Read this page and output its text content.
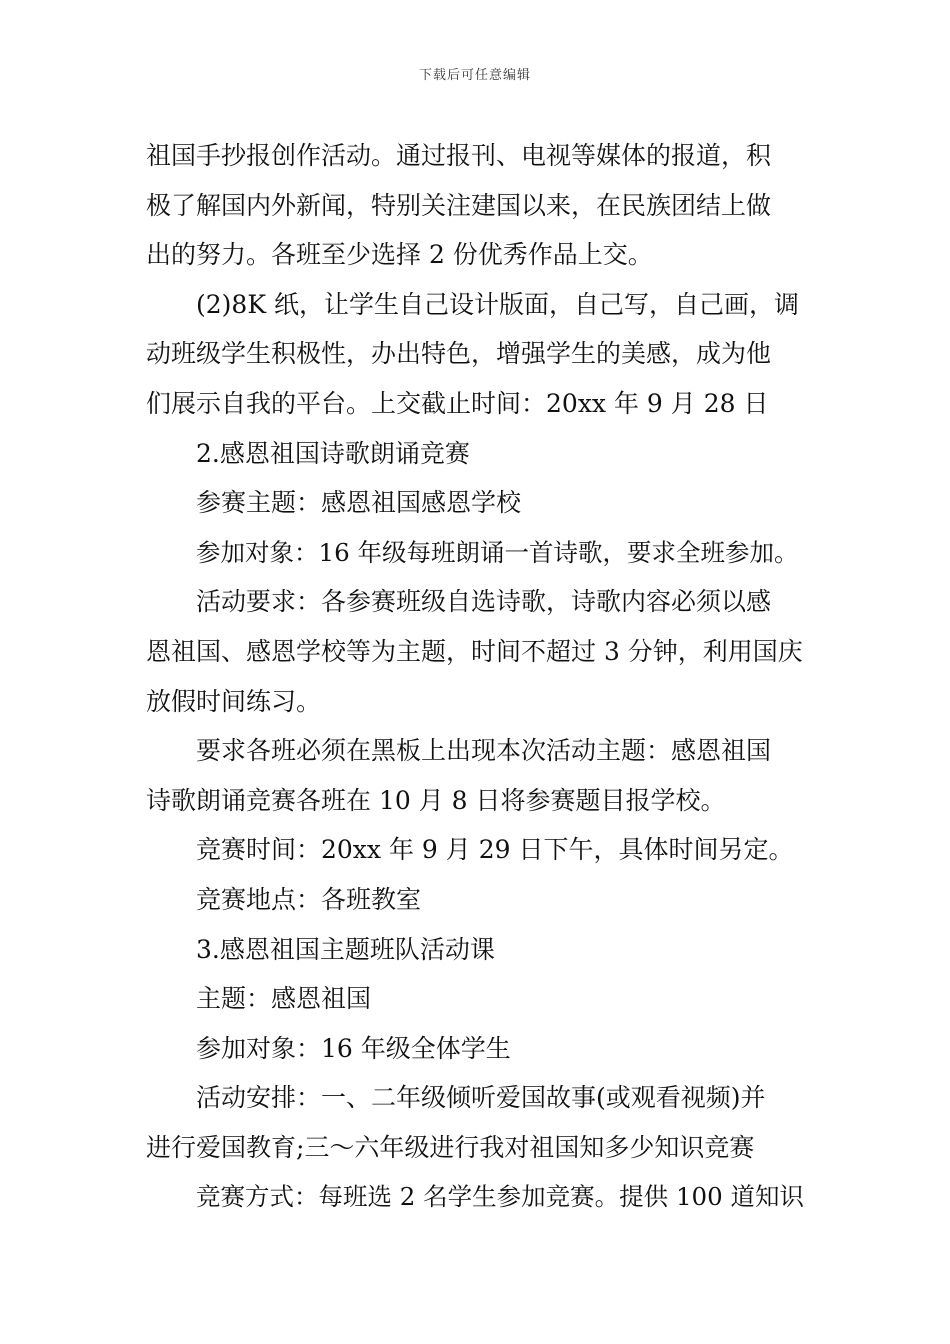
下载后可任意编辑
祖国手抄报创作活动。通过报刊、电视等媒体的报道，积
极了解国内外新闻，特别关注建国以来，在民族团结上做
出的努力。各班至少选择 2 份优秀作品上交。
(2)8K 纸，让学生自己设计版面，自己写，自己画，调
动班级学生积极性，办出特色，增强学生的美感，成为他
们展示自我的平台。上交截止时间：20xx 年 9 月 28 日
2.感恩祖国诗歌朗诵竞赛
参赛主题：感恩祖国感恩学校
参加对象：16 年级每班朗诵一首诗歌，要求全班参加。
活动要求：各参赛班级自选诗歌，诗歌内容必须以感
恩祖国、感恩学校等为主题，时间不超过 3 分钟，利用国庆
放假时间练习。
要求各班必须在黑板上出现本次活动主题：感恩祖国
诗歌朗诵竞赛各班在 10 月 8 日将参赛题目报学校。
竞赛时间：20xx 年 9 月 29 日下午，具体时间另定。
竞赛地点：各班教室
3.感恩祖国主题班队活动课
主题：感恩祖国
参加对象：16 年级全体学生
活动安排：一、二年级倾听爱国故事(或观看视频)并
进行爱国教育;三～六年级进行我对祖国知多少知识竞赛
竞赛方式：每班选 2 名学生参加竞赛。提供 100 道知识
